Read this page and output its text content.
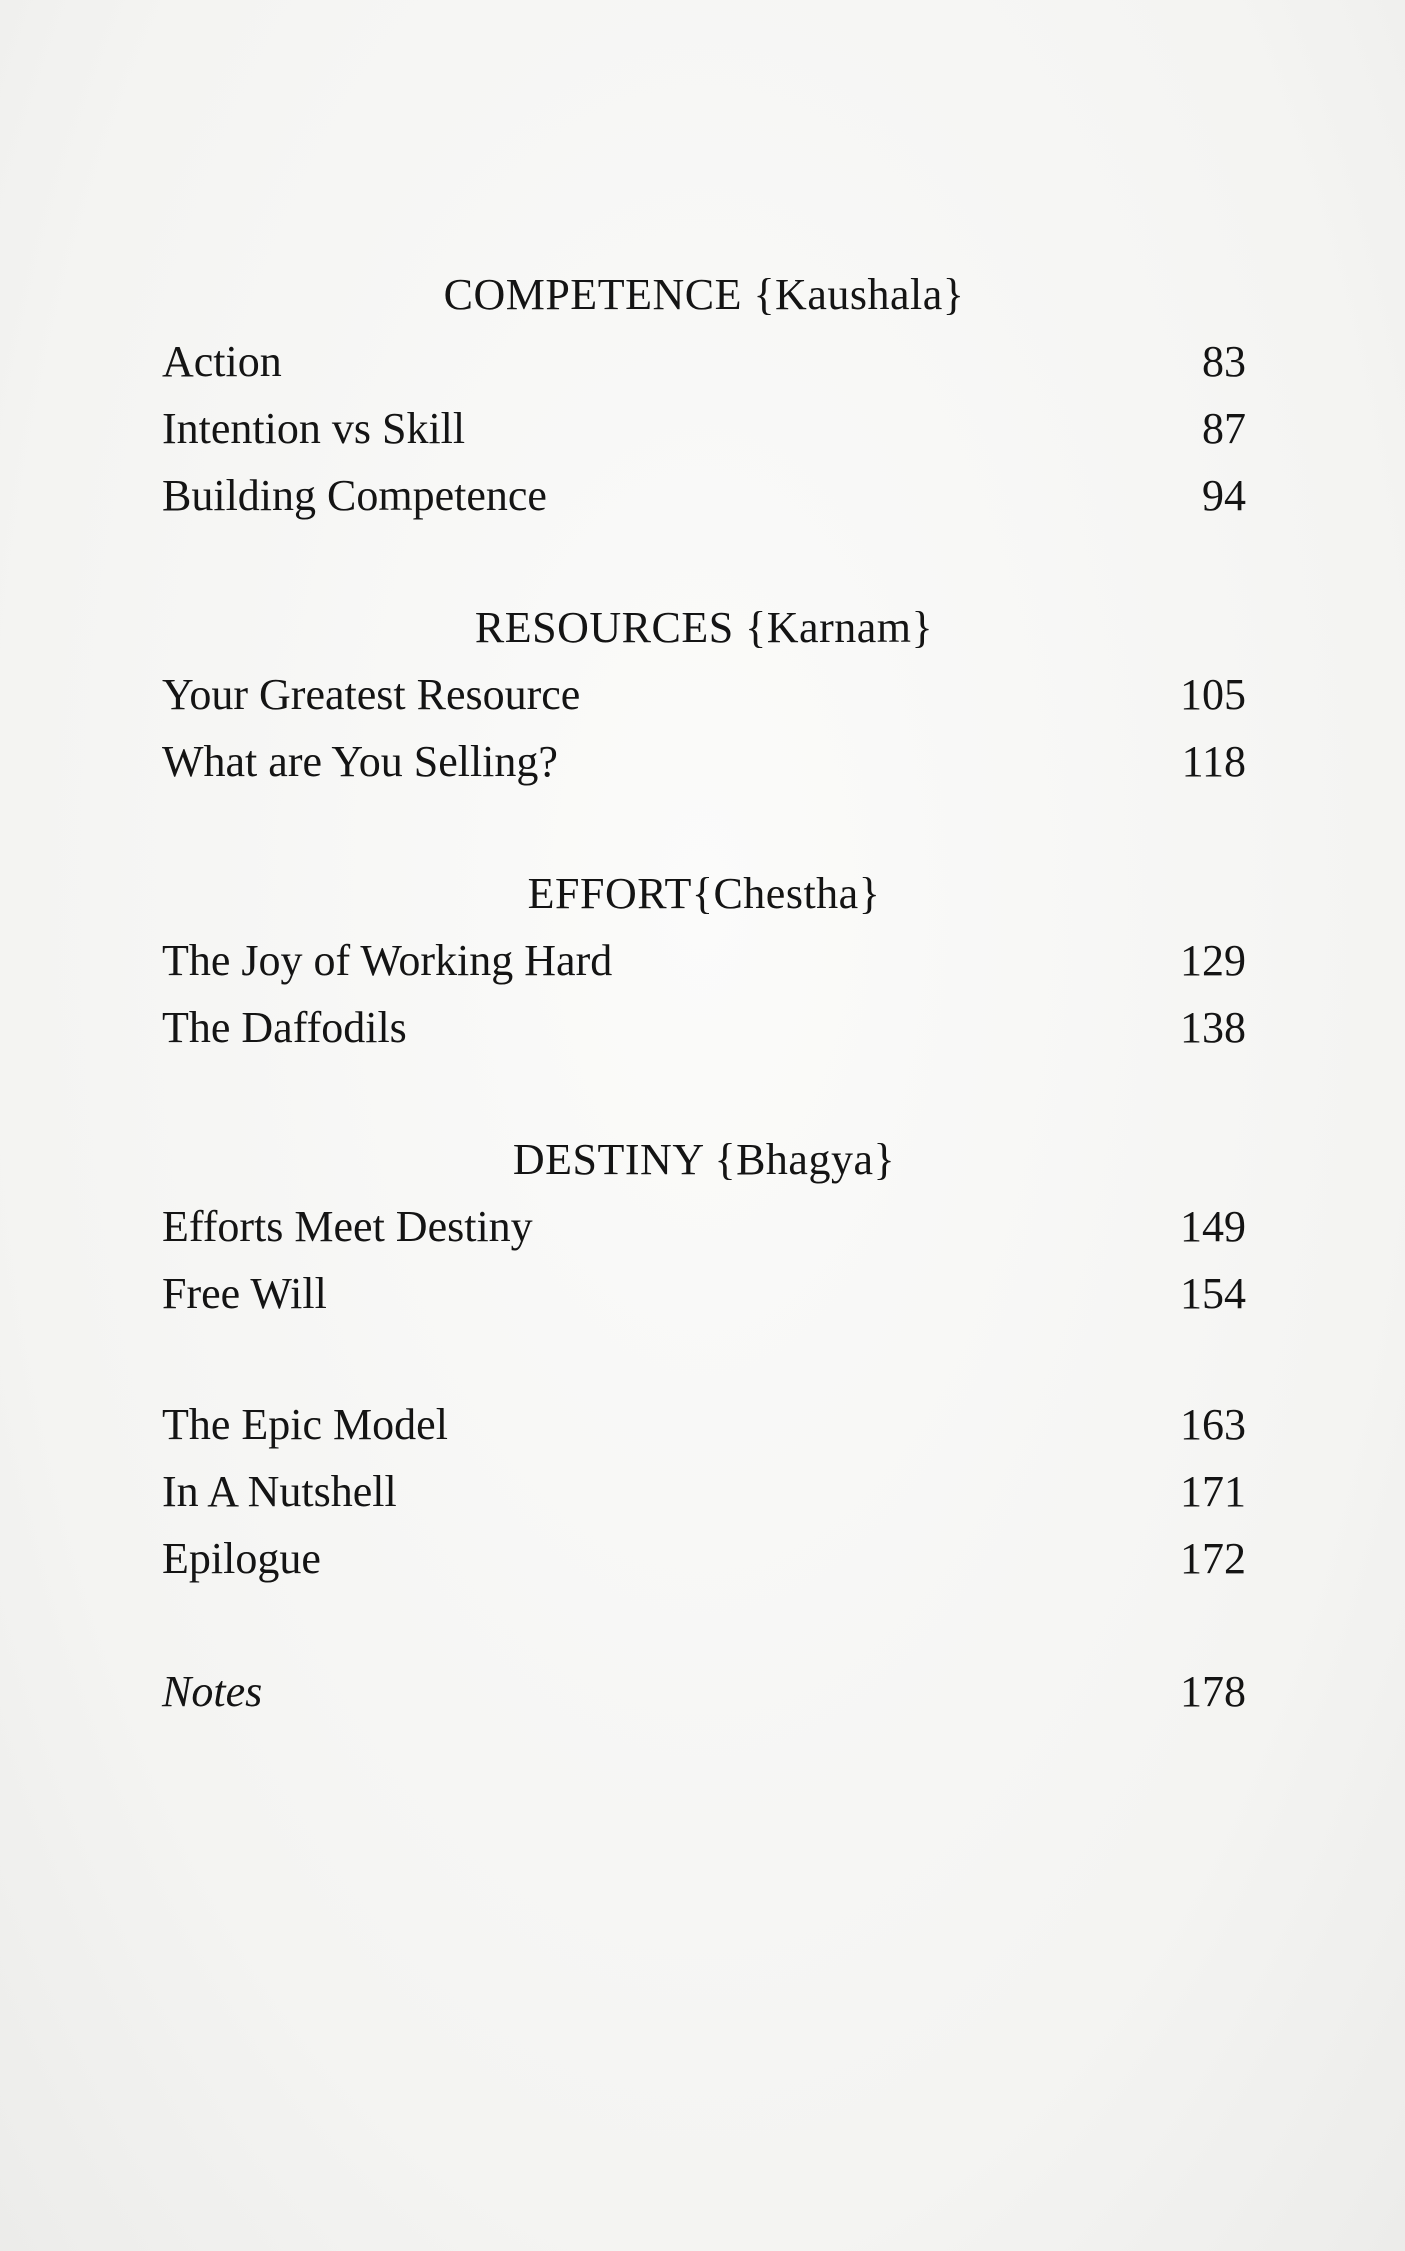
COMPETENCE {Kaushala}
Action	83
Intention vs Skill	87
Building Competence	94
RESOURCES {Karnam}
Your Greatest Resource	105
What are You Selling?	118
EFFORT{Chestha}
The Joy of Working Hard	129
The Daffodils	138
DESTINY {Bhagya}
Efforts Meet Destiny	149
Free Will	154
The Epic Model	163
In A Nutshell	171
Epilogue	172
Notes	178
